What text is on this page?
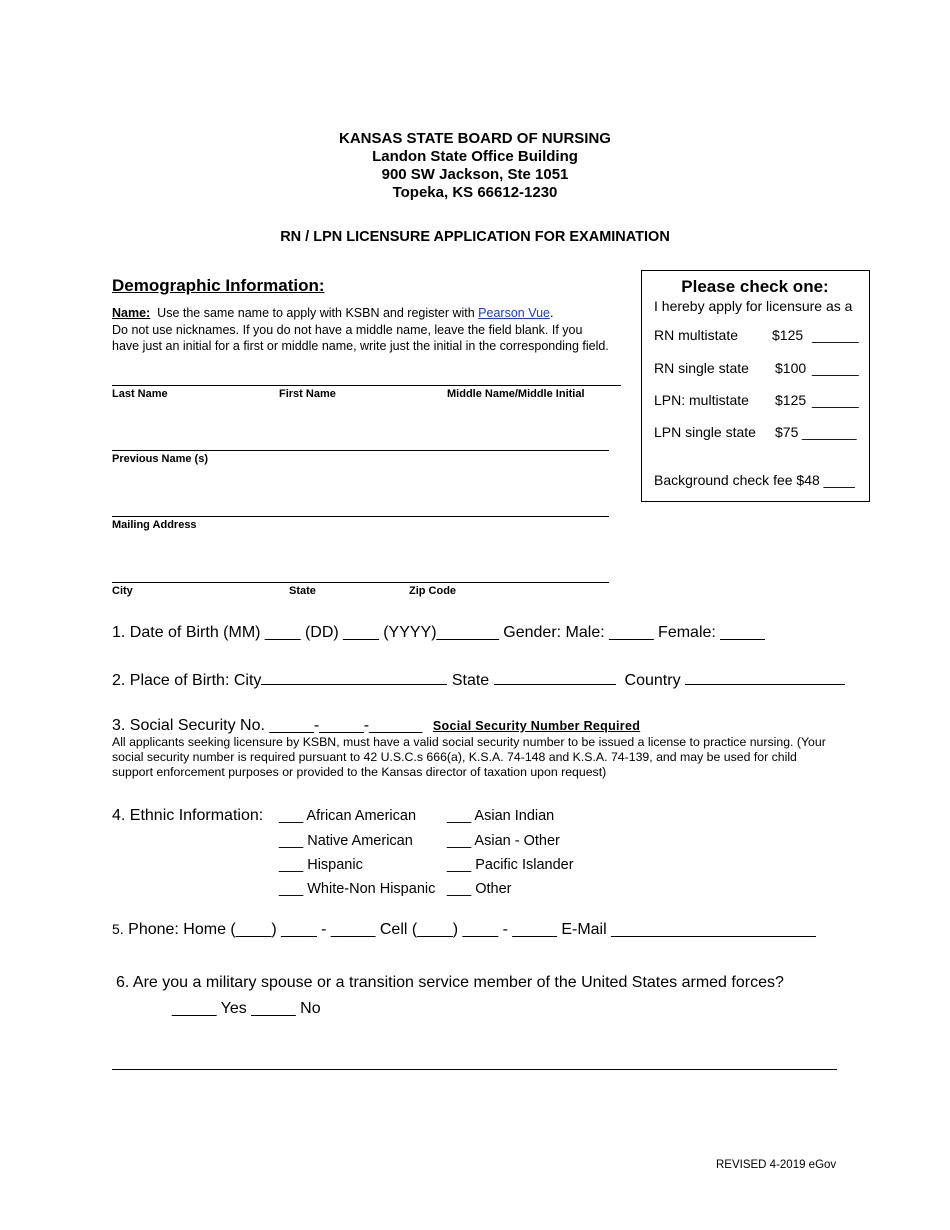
KANSAS STATE BOARD OF NURSING
Landon State Office Building
900 SW Jackson, Ste 1051
Topeka, KS 66612-1230
RN / LPN LICENSURE APPLICATION FOR EXAMINATION
Demographic Information:
Name: Use the same name to apply with KSBN and register with Pearson Vue.
Do not use nicknames. If you do not have a middle name, leave the field blank. If you
have just an initial for a first or middle name, write just the initial in the corresponding field.
Last Name	First Name	Middle Name/Middle Initial
Previous Name (s)
Mailing Address
City	State	Zip Code
Please check one:
I hereby apply for licensure as a
RN multistate $125 ______
RN single state $100 ______
LPN: multistate $125 ______
LPN single state $75 _______
Background check fee $48 ____
1. Date of Birth (MM) ____ (DD) ____ (YYYY)_______ Gender: Male: _____ Female: _____
2. Place of Birth: City	State	Country
3. Social Security No. _____-_____-______ Social Security Number Required
All applicants seeking licensure by KSBN, must have a valid social security number to be issued a license to practice nursing. (Your
social security number is required pursuant to 42 U.S.C.s 666(a), K.S.A. 74-148 and K.S.A. 74-139, and may be used for child
support enforcement purposes or provided to the Kansas director of taxation upon request)
4. Ethnic Information: ___ African American
___ Native American
___ Hispanic
___ White-Non Hispanic
___ Asian Indian
___ Asian - Other
___ Pacific Islander
___ Other
5. Phone: Home (____) ____ - _____ Cell (____) ____ - _____ E-Mail _______________________
6. Are you a military spouse or a transition service member of the United States armed forces?
_____ Yes _____ No
REVISED 4-2019 eGov
